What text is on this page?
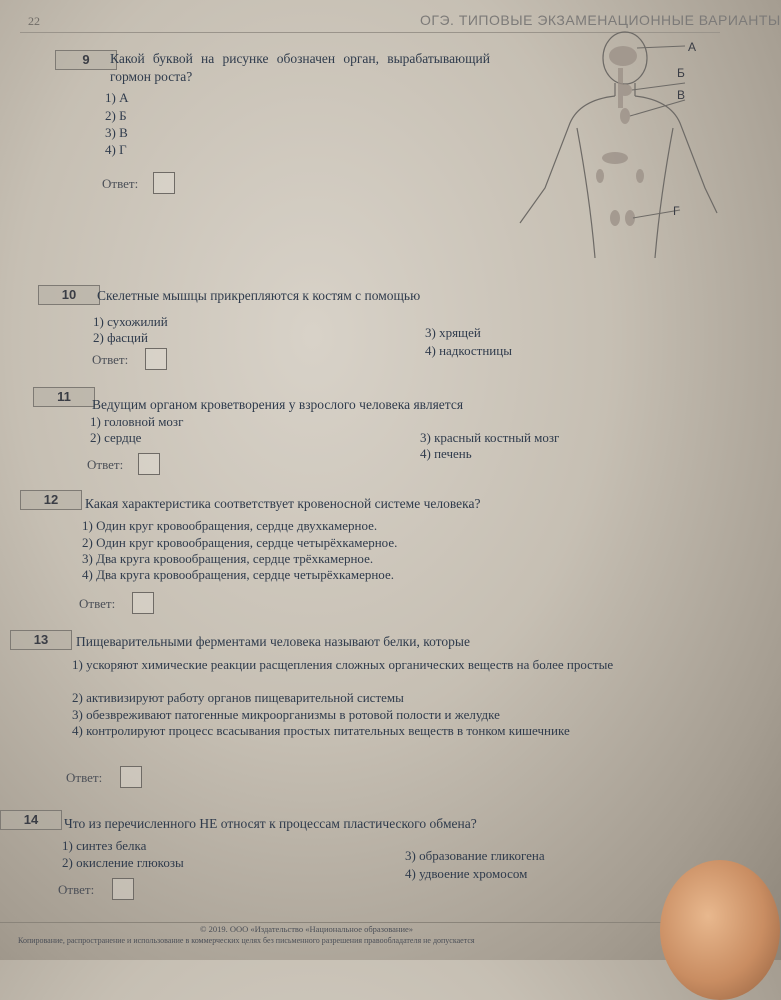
22	ОГЭ. ТИПОВЫЕ ЭКЗАМЕНАЦИОННЫЕ ВАРИАНТЫ
9	Какой буквой на рисунке обозначен орган, вырабатывающий гормон роста?
1) А
2) Б
3) В
4) Г
Ответ:
А
Б
В
Г
10	Скелетные мышцы прикрепляются к костям с помощью
1) сухожилий
2) фасций	3) хрящей
4) надкостницы
Ответ:
11
Ведущим органом кроветворения у взрослого человека является
1) головной мозг
2) сердце	3) красный костный мозг
4) печень
Ответ:
12	Какая характеристика соответствует кровеносной системе человека?
1) Один круг кровообращения, сердце двухкамерное.
2) Один круг кровообращения, сердце четырёхкамерное.
3) Два круга кровообращения, сердце трёхкамерное.
4) Два круга кровообращения, сердце четырёхкамерное.
Ответ:
13	Пищеварительными ферментами человека называют белки, которые
1) ускоряют химические реакции расщепления сложных органических веществ на более простые
2) активизируют работу органов пищеварительной системы
3) обезвреживают патогенные микроорганизмы в ротовой полости и желудке
4) контролируют процесс всасывания простых питательных веществ в тонком кишечнике
Ответ:
14	Что из перечисленного НЕ относят к процессам пластического обмена?
1) синтез белка
2) окисление глюкозы	3) образование гликогена
4) удвоение хромосом
Ответ:
© 2019. ООО «Издательство «Национальное образование»
Копирование, распространение и использование в коммерческих целях без письменного разрешения правообладателя не допускается
